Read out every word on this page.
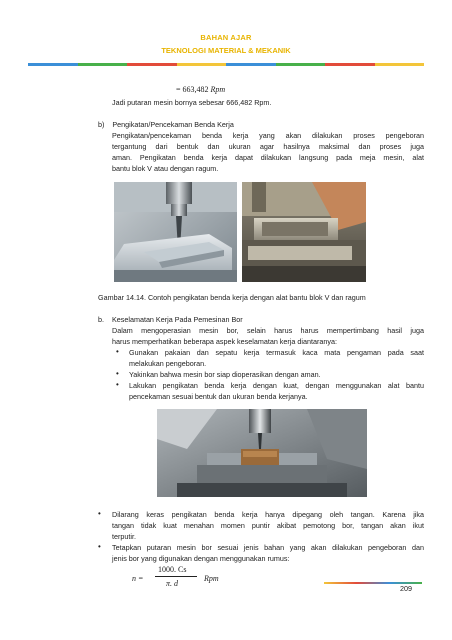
BAHAN AJAR
TEKNOLOGI MATERIAL & MEKANIK
= 663,482 Rpm
Jadi putaran mesin bornya sebesar 666,482 Rpm.
b)    Pengikatan/Pencekaman Benda Kerja
Pengikatan/pencekaman benda kerja yang akan dilakukan proses pengeboran
tergantung dari bentuk dan ukuran agar hasilnya maksimal dan proses juga
aman. Pengikatan benda kerja dapat dilakukan langsung pada meja mesin, alat
bantu blok V atau dengan ragum.
Gambar 14.14. Contoh pengikatan benda kerja dengan alat bantu blok V dan ragum
b.    Keselamatan Kerja Pada Pemesinan Bor
Dalam mengoperasian mesin bor, selain harus harus mempertimbang hasil juga
harus memperhatikan beberapa aspek keselamatan kerja diantaranya:
• Gunakan pakaian dan sepatu kerja termasuk kaca mata pengaman pada saat
melakukan pengeboran.
• Yakinkan bahwa mesin bor siap dioperasikan dengan aman.
• Lakukan pengikatan benda kerja dengan kuat, dengan menggunakan alat bantu
pencekaman sesuai bentuk dan ukuran benda kerjanya.
• Dilarang keras pengikatan benda kerja hanya dipegang oleh tangan. Karena jika
tangan tidak kuat menahan momen puntir akibat pemotong bor, tangan akan ikut
terputir.
• Tetapkan putaran mesin bor sesuai jenis bahan yang akan dilakukan pengeboran dan
jenis bor yang digunakan dengan menggunakan rumus:
n =
1000. Cs
π. d
Rpm
209
